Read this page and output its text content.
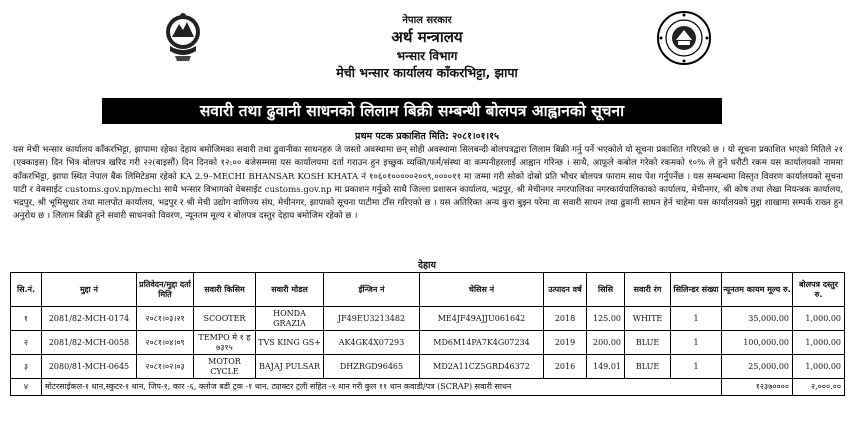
नेपाल सरकार
अर्थ मन्त्रालय
भन्सार विभाग
मेची भन्सार कार्यालय काँकरभिट्टा, झापा
सवारी तथा ढुवानी साधनको लिलाम बिक्री सम्बन्धी बोलपत्र आह्वानको सूचना
प्रथम पटक प्रकाशित मिति: २०८१।०१।१५
यस मेची भन्सार कार्यालय काँकरभिट्टा, झापामा रहेका देहाय बमोजिमका सवारी तथा ढुवानीका साधनहरु जे जस्तो अवस्थामा छन् सोही अवस्थामा सिलबन्दी बोलपत्रद्वारा लिलाम बिक्री गर्नु पर्ने भएकोले यो सूचना प्रकाशित गरिएको छ । यो सूचना प्रकाशित भएको मितिले २१ (एक्काइस) दिन भित्र बोलपत्र खरिद गरी २२(बाइसौं) दिन दिनको १२:०० बजेसम्ममा यस कार्यालयमा दर्ता गराउन हुन इच्छुक व्यक्ति/फर्म/संस्था वा कम्पनीहरलाई आह्वान गरिन्छ । साथै, आफूले कबोल गरेको रकमको १०% ले हुने धरौटी रकम यस कार्यालयको नाममा काँकरभिट्टा, झापा स्थित नेपाल बैंक लिमिटेडमा रहेको KA 2.9–MECHI BHANSAR KOSH KHATA नं १०६०१०००००२००९,००००११ मा जम्मा गरी सोको दोस्रो प्रति भौचर बोलपत्र फाराम साथ पेश गर्नुपर्नेछ । यस सम्बन्धमा विस्तृत विवरण कार्यालयको सूचना पाटी र वेबसाईट customs.gov.np/mechi साथै भन्सार विभागको वेबसाईट customs.gov.np मा प्रकाशन गर्नुको साथै जिल्ला प्रशासन कार्यालय, भद्रपुर, श्री मेचीनगर नगरपालिका नगरकार्यपालिकाको कार्यालय, मेचीनगर, श्री कोष तथा लेखा नियन्त्रक कार्यालय, भद्रपुर, श्री भूमिसुधार तथा मालपोत कार्यालय, भद्रपुर र श्री मेची उद्योग वाणिज्य संघ, मेचीनगर, झापाको सूचना पाटीमा टाँस गरिएको छ । यस अतिरिक्त अन्य कुरा बुझ्न परेमा वा सवारी साधन तथा ढुवानी साधन हेर्न चाहेमा यस कार्यालयको मुद्दा शाखामा सम्पर्क राख्न हुन अनुरोध छ । लिलाम बिक्री हुने सवारी साधनको विवरण, न्यूनतम मूल्य र बोलपत्र दस्तुर देहाय बमोजिम रहेको छ ।
देहाय
सि.नं.	मुद्दा नं	प्रतिवेदन/मुद्दा दर्ता मिति	सवारी किसिम	सवारी मोडल	ईन्जिन नं	चेसिस नं	उत्पादन वर्ष	सिसि	सवारी रंग	सिलिन्डर संख्या	न्यूनतम कायम मूल्य रु.	बोलपत्र दस्तुर रु.
१	2081/82-MCH-0174	२०८१।०३।२१	SCOOTER	HONDA GRAZIA	JF49EU3213482	ME4JF49AJJU061642	2018	125.00	WHITE	1	35,000.00	1,000.00
२	2081/82-MCH-0058	२०८१।०४।०९	TEMPO मे १ ह ७३१५	TVS KING GS+	AK4GK4X07293	MD6M14PA7K4G07234	2019	200.00	BLUE	1	100,000.00	1,000.00
३	2080/81-MCH-0645	२०८१।०२।०३	MOTOR CYCLE	BAJAJ PULSAR	DHZRGD96465	MD2A11CZ5GRD46372	2016	149.01	BLUE	1	25,000.00	1,000.00
४	मोटरसाईकल-१ थान,स्कुटर-१ थान, जिप-१, कार -६, क्लोज बडी ट्रक -१ थान, ट्याक्टर ट्रली सहित -१ थान गरी कुल ११ थान कवाडी/पत्र (SCRAP) सवारी साधन										१२३७००००	२,०००.००
